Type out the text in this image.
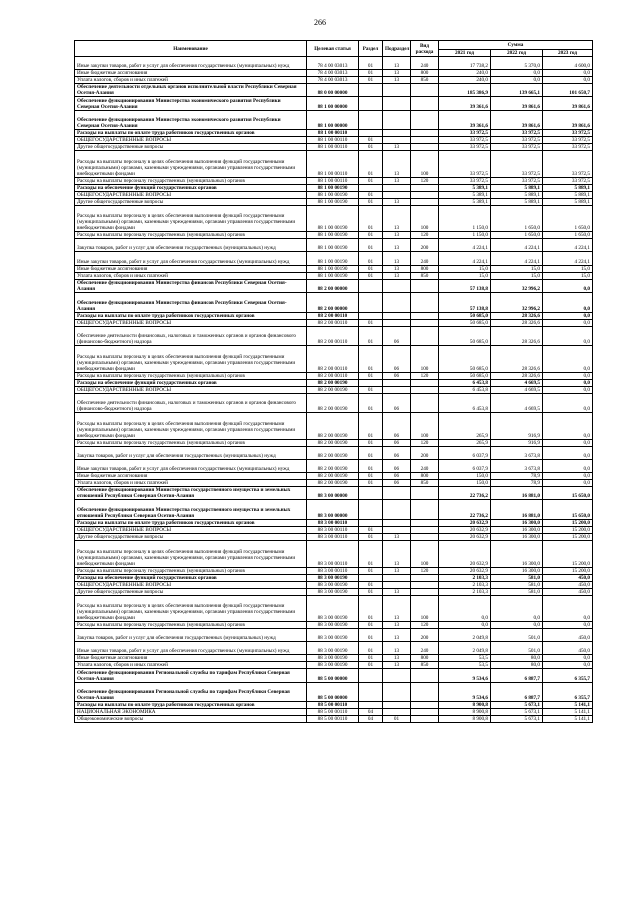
266
Наименование	Целевая статья	Раздел	Подраздел	Вид расхода	Сумма		
					2021 год	2022 год	2023 год
Иные закупки товаров, работ и услуг для обеспечения государственных (муниципальных) нужд	78 4 00 03013	01	13	240	17 738,2	5 370,0	4 600,0
Иные бюджетные ассигнования	78 4 00 03013	01	13	800	240,0	0,0	0,0
Уплата налогов, сборов и иных платежей	78 4 00 03013	01	13	850	240,0	0,0	0,0
Обеспечение деятельности отдельных органов исполнительной власти Республики Северная Осетия-Алания	88 0 00 00000				185 386,9	139 665,1	101 650,7
Обеспечение функционирования Министерства экономического развития Республики Северная Осетия-Алания	88 1 00 00000				39 361,6	39 861,6	39 861,6
Обеспечение функционирования Министерства экономического развития Республики Северная Осетия-Алания	88 1 00 00000				39 361,6	39 861,6	39 861,6
Расходы на выплаты по оплате труда работников государственных органов	88 1 00 00110				33 972,5	33 972,5	33 972,5
ОБЩЕГОСУДАРСТВЕННЫЕ ВОПРОСЫ	88 1 00 00110	01			33 972,5	33 972,5	33 972,5
Другие общегосударственные вопросы	88 1 00 00110	01	13		33 972,5	33 972,5	33 972,5
Расходы на выплаты персоналу в целях обеспечения выполнения функций государственными (муниципальными) органами, казенными учреждениями, органами управления государственными внебюджетными фондами	88 1 00 00110	01	13	100	33 972,5	33 972,5	33 972,5
Расходы на выплаты персоналу государственных (муниципальных) органов	88 1 00 00110	01	13	120	33 972,5	33 972,5	33 972,5
Расходы на обеспечение функций государственных органов	88 1 00 00190				5 389,1	5 889,1	5 889,1
ОБЩЕГОСУДАРСТВЕННЫЕ ВОПРОСЫ	88 1 00 00190	01			5 389,1	5 889,1	5 889,1
Другие общегосударственные вопросы	88 1 00 00190	01	13		5 389,1	5 889,1	5 889,1
Расходы на выплаты персоналу в целях обеспечения выполнения функций государственными (муниципальными) органами, казенными учреждениями, органами управления государственными внебюджетными фондами	88 1 00 00190	01	13	100	1 150,0	1 650,0	1 650,0
Расходы на выплаты персоналу государственных (муниципальных) органов	88 1 00 00190	01	13	120	1 150,0	1 650,0	1 650,0
Закупка товаров, работ и услуг для обеспечения государственных (муниципальных) нужд	88 1 00 00190	01	13	200	4 224,1	4 224,1	4 224,1
Иные закупки товаров, работ и услуг для обеспечения государственных (муниципальных) нужд	88 1 00 00190	01	13	240	4 224,1	4 224,1	4 224,1
Иные бюджетные ассигнования	88 1 00 00190	01	13	800	15,0	15,0	15,0
Уплата налогов, сборов и иных платежей	88 1 00 00190	01	13	850	15,0	15,0	15,0
Обеспечение функционирования Министерства финансов Республики Северная Осетия-Алания	88 2 00 00000				57 138,8	32 996,2	0,0
Обеспечение функционирования Министерства финансов Республики Северная Осетия-Алания	88 2 00 00000				57 138,8	32 996,2	0,0
Расходы на выплаты по оплате труда работников государственных органов	88 2 00 00110				50 685,0	28 326,6	0,0
ОБЩЕГОСУДАРСТВЕННЫЕ ВОПРОСЫ	88 2 00 00110	01			50 685,0	28 326,6	0,0
Обеспечение деятельности финансовых, налоговых и таможенных органов и органов финансового (финансово-бюджетного) надзора	88 2 00 00110	01	06		50 685,0	28 326,6	0,0
Расходы на выплаты персоналу в целях обеспечения выполнения функций государственными (муниципальными) органами, казенными учреждениями, органами управления государственными внебюджетными фондами	88 2 00 00110	01	06	100	50 685,0	28 326,6	0,0
Расходы на выплаты персоналу государственных (муниципальных) органов	88 2 00 00110	01	06	120	50 685,0	28 326,6	0,0
Расходы на обеспечение функций государственных органов	88 2 00 00190				6 453,8	4 669,5	0,0
ОБЩЕГОСУДАРСТВЕННЫЕ ВОПРОСЫ	88 2 00 00190	01			6 453,8	4 669,5	0,0
Обеспечение деятельности финансовых, налоговых и таможенных органов и органов финансового (финансово-бюджетного) надзора	88 2 00 00190	01	06		6 453,8	4 669,5	0,0
Расходы на выплаты персоналу в целях обеспечения выполнения функций государственными (муниципальными) органами, казенными учреждениями, органами управления государственными внебюджетными фондами	88 2 00 00190	01	06	100	265,9	916,9	0,0
Расходы на выплаты персоналу государственных (муниципальных) органов	88 2 00 00190	01	06	120	265,9	916,9	0,0
Закупка товаров, работ и услуг для обеспечения государственных (муниципальных) нужд	88 2 00 00190	01	06	200	6 037,9	3 673,8	0,0
Иные закупки товаров, работ и услуг для обеспечения государственных (муниципальных) нужд	88 2 00 00190	01	06	240	6 037,9	3 673,8	0,0
Иные бюджетные ассигнования	88 2 00 00190	01	06	800	150,0	78,9	0,0
Уплата налогов, сборов и иных платежей	88 2 00 00190	01	06	850	150,0	78,9	0,0
Обеспечение функционирования Министерства государственного имущества и земельных отношений Республики Северная Осетия-Алания	88 3 00 00000				22 736,2	16 881,0	15 650,0
Обеспечение функционирования Министерства государственного имущества и земельных отношений Республики Северная Осетия-Алания	88 3 00 00000				22 736,2	16 881,0	15 650,0
Расходы на выплаты по оплате труда работников государственных органов	88 3 00 00110				20 632,9	16 300,0	15 200,0
ОБЩЕГОСУДАРСТВЕННЫЕ ВОПРОСЫ	88 3 00 00110	01			20 632,9	16 300,0	15 200,0
Другие общегосударственные вопросы	88 3 00 00110	01	13		20 632,9	16 300,0	15 200,0
Расходы на выплаты персоналу в целях обеспечения выполнения функций государственными (муниципальными) органами, казенными учреждениями, органами управления государственными внебюджетными фондами	88 3 00 00110	01	13	100	20 632,9	16 300,0	15 200,0
Расходы на выплаты персоналу государственных (муниципальных) органов	88 3 00 00110	01	13	120	20 632,9	16 300,0	15 200,0
Расходы на обеспечение функций государственных органов	88 3 00 00190				2 103,3	581,0	450,0
ОБЩЕГОСУДАРСТВЕННЫЕ ВОПРОСЫ	88 3 00 00190	01			2 103,3	581,0	450,0
Другие общегосударственные вопросы	88 3 00 00190	01	13		2 103,3	581,0	450,0
Расходы на выплаты персоналу в целях обеспечения выполнения функций государственными (муниципальными) органами, казенными учреждениями, органами управления государственными внебюджетными фондами	88 3 00 00190	01	13	100	0,0	0,0	0,0
Расходы на выплаты персоналу государственных (муниципальных) органов	88 3 00 00190	01	13	120	0,0	0,0	0,0
Закупка товаров, работ и услуг для обеспечения государственных (муниципальных) нужд	88 3 00 00190	01	13	200	2 049,8	501,0	450,0
Иные закупки товаров, работ и услуг для обеспечения государственных (муниципальных) нужд	88 3 00 00190	01	13	240	2 049,8	501,0	450,0
Иные бюджетные ассигнования	88 3 00 00190	01	13	800	53,5	80,0	0,0
Уплата налогов, сборов и иных платежей	88 3 00 00190	01	13	850	53,5	80,0	0,0
Обеспечение функционирования Региональной службы по тарифам Республики Северная Осетия-Алания	88 5 00 00000				9 534,6	6 887,7	6 355,7
Обеспечение функционирования Региональной службы по тарифам Республики Северная Осетия-Алания	88 5 00 00000				9 534,6	6 887,7	6 355,7
Расходы на выплаты по оплате труда работников государственных органов	88 5 00 00110				8 900,8	5 673,1	5 141,1
НАЦИОНАЛЬНАЯ ЭКОНОМИКА	88 5 00 00110	04			8 900,8	5 673,1	5 141,1
Общеэкономические вопросы	88 5 00 00110	04	01		8 900,8	5 673,1	5 141,1
